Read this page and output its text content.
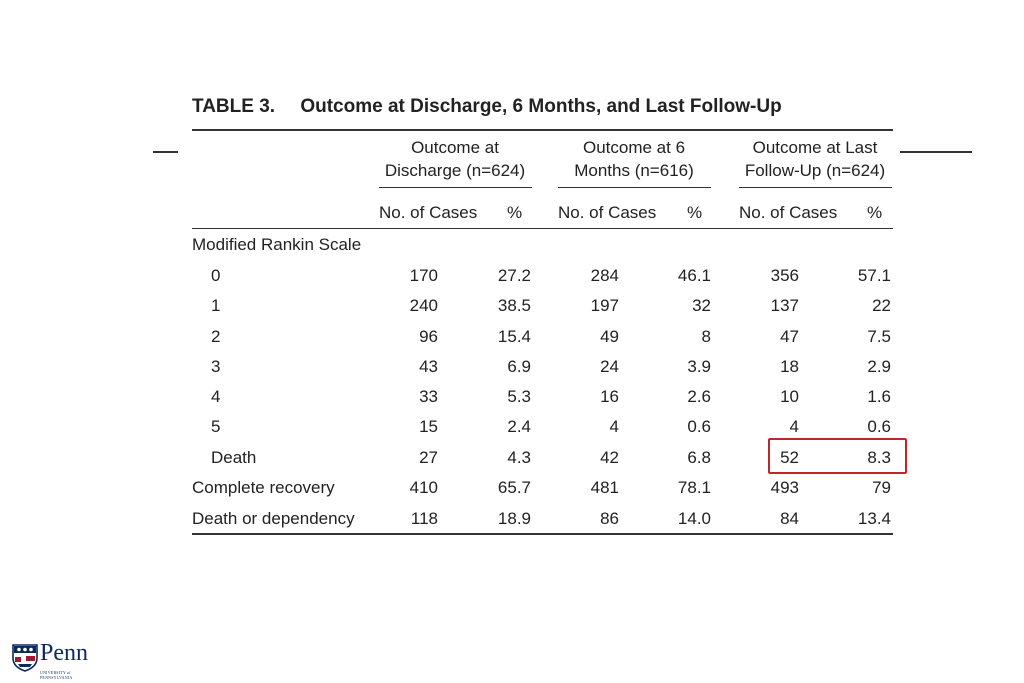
TABLE 3. Outcome at Discharge, 6 Months, and Last Follow-Up
Outcome at
Discharge (n=624)
Outcome at 6
Months (n=616)
Outcome at Last
Follow-Up (n=624)
No. of Cases % No. of Cases % No. of Cases %
Modified Rankin Scale
0	170	27.2	284	46.1	356	57.1
1	240	38.5	197	32	137	22
2	96	15.4	49	8	47	7.5
3	43	6.9	24	3.9	18	2.9
4	33	5.3	16	2.6	10	1.6
5	15	2.4	4	0.6	4	0.6
Death	27	4.3	42	6.8	52	8.3
Complete recovery	410	65.7	481	78.1	493	79
Death or dependency	118	18.9	86	14.0	84	13.4
Penn
UNIVERSITY of PENNSYLVANIA
